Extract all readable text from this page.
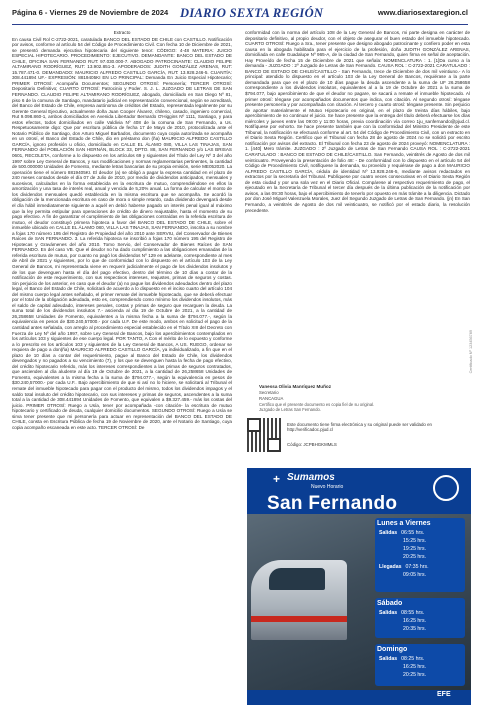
Página 6 - Viernes 29 de Noviembre de 2024 DIARIO SEXTA REGIÓN	www.diariosextaregion.cl
Extracto
En causa Civil Rol C-2722-2021, caratulada BANCO DEL ESTADO DE CHILE con CASTILLO. Notificación por avisos, conforme al artículo 54 del Código de Procedimiento Civil. Con fecha 10 de Diciembre de 2021, se presentó demanda ejecutiva hipotecaria del siguiente tenor: CÓDIGO: 4-48 MATERIA: JUICIO ESPECIAL HIPOTECARIO. PROCEDIMIENTO: EJECUTIVO. DEMANDANTE: BANCO DEL ESTADO DE CHILE, OFICINA SAN FERNANDO RUT: 97.030.000-7. ABOGADO PATROCINANTE: CLAUDIO FELIPE ALTAMIRANO RODRÍGUEZ, RUT: 13.902.851-3. APODERADOS: JUDITH GONZÁLEZ ARENAS, RUT: 15.787.471-0. DEMANDADO: MAURICIO ALFREDO CASTILLO GARCÍA, RUT: 13.928.246-5. CUANTÍA: 308.441894 UF.- EXPRESIÓN: 8819405KI EN LO PRINCIPAL: Demanda En Juicio Especial Hipotecario; PRIMER OTROSÍ: Acompaña Documentos; SEGUNDO OTROSÍ: Personería; TERCER OTROSÍ: Depositario Definitivo; CUARTO OTROSÍ: Patrocinio y Poder. S. J. L. JUZGADO DE LETRAS DE SAN FERNANDO. CLAUDIO FELIPE ALTAMIRANO RODRÍGUEZ, abogado, domiciliado en San Diego Nº 81, piso 6 de la comuna de Santiago, mandatario judicial en representación convencional, según se acreditará, del Banco del Estado de Chile, empresa autónoma de créditos del Estado, representada legalmente por su Gerente General Ejecutivo, actualmente doña Juan Cooper Álvarez, chileno, casado, ingeniero comercial, Rut 9.098.860-1, ambos domiciliados en Avenida Libertador Bernardo O'Higgins Nº 1111, Santiago, y para estos efectos, todos domiciliados en calle Valdivia Nº 408 de la comuna de San Fernando, a Us. Respetuosamente digo: Que por escritura pública de fecha 17 de Mayo de 2010, protocolizada ante el Notario Público de Santiago, don Arturo Miguel Barbados, documento cuya copia autorizada se acompaña en un otrosí, el Banco del Estado de Chile, dio en préstamo don (ña) MAURICIO ALFREDO CASTILLO GARCÍA, ignoro profesión u oficio, domiciliado en CALLE EL ÁLAMO 080, VILLA LAS TINAJAS, SAN FERNANDO del POBLACIÓN SAN HERNÁN, BLOCK 33, DPTO. 88, SAN FERNANDO y/o LAS BRISAS 0601, RECOLETA, conforme a lo dispuesto en los artículos 69 y siguientes del Título del Ley Nº 3 del año 1997 sobre Ley General de Bancos, y sus modificaciones y normas reglamentarias pertinentes, la cantidad de 500.000000 Unidades de Fomento, mediante letras bancarias de su propia emisión, serie ME052020. La operación tiene el número 8819405KI. El deudor (a) se obligó a pagar la expresa cantidad en el plazo de 240 meses contados desde el día 07 de Julio de 2010, por medio de dividendos anticipados, mensuales y sucesivos, calculados en la forma establecida en la escritura de mutuo, comprendiéndose en ellos la amortización y una tasa de interés real, anual y vencida de 5,20% anual. La forma de calcular el monto de los dividendos mensuales quedó establecida en la misma escritura que se acompaña. Se acordó la obligación de la mencionada escritura en caso de mora o simple retardo, cada dividendo devengará desde el día hábil inmediatamente siguiente a aquél en debió haberse pagado un interés penal igual al máximo que la ley permita estipular para operaciones de crédito de dinero reajustable, hasta el momento de su pago efectivo. A fin de garantizar el cumplimiento de las obligaciones contraídas en la referida escritura de mutuo, el deudor constituyó primera hipoteca a favor del BANCO DEL ESTADO DE CHILE, sobre el inmueble ubicado en CALLE EL ÁLAMO 080, VILLA LAS TINAJAS, SAN FERNANDO, inscrita a su nombre a fojas 170 número 195 del Registro de Propiedad del año 2010 ante SERVIU, del Conservador de Bienes Raíces de SAN FERNANDO. 3. La referida hipoteca se inscribió a fojas 170 número 195 del Registro de Hipotecas y Gravámenes del año 2010. Tomo Servio, del Conservador de Bienes Raíces de SAN FERNANDO. En del caso VB. Que el deudor no ha dado cumplimiento a las obligaciones emanadas de la referida escritura de mutuo, por cuanto no pagó los dividendos Nº 129 en adelante, correspondiente al mes de Abril de 2021 y siguientes, por lo que de conformidad con lo dispuesto en el artículo 103 de la Ley General de Bancos, mi representada viene en requerir judicialmente el pago de los dividendos insolutos y de los que devenguen hasta el día del pago efectivo, dentro del término de 10 días a contar de la notificación de este requerimiento, con sus respectivos intereses, reajustes, primas de seguros y costas. Sin perjuicio de los anterior, en caso que el deudor (a) no pague los dividendos adeudados dentro del plazo legal, el Banco del Estado de Chile, solicitará de acuerdo a lo dispuesto en el inciso cuarto del artículo 104 del mismo cuerpo legal antes señalado, el primer remate del inmueble hipotecado, que se deberá efectuar por el total de la obligación adeudada, esto es, comprendiendo como mínimo los dividendos insolutos, más el saldo de capital adeudado, intereses penales, costas y primas de seguro que recarguen la deuda. La suma total de los dividendos insolutos 7.- ascienda al día 19 de Octubre de 2021, a la cantidad de 26,258658 Unidades de Fomento, equivalentes a la misma fecha a la suma de $794.077.-, según la equivalencia en pesos de $30.240,57000.- por cada U.F. De este modo, ambos en solicitud el pago de la cantidad antes señalada, con arreglo al procedimiento especial establecido en el Título XIII del Decreto con Fuerza de Ley Nº del año 1997, sobre Ley General de Bancos, bajo los apercibimientos contemplados en los artículos 103 y siguientes de ese cuerpo legal. POR TANTO, A Con el mérito de lo expuesto y conforme a lo prescrito en los artículos 103 y siguientes de la Ley General de Bancos, A US. RUEGO, ordenar se requiera de pago a don(ña) MAURICIO ALFREDO CASTILLO GARCÍA, ya individualizado, a fin que en el plazo de 10 días a contar del requerimiento, pague al Banco del Estado de Chile, los dividendos devengados y no pagados a su vencimiento (7), y los que se devenguen hasta la fecha de pago efectivo, del crédito hipotecario referido, más los intereses correspondientes a las primas de seguros contratados, que ascienden al día aludente al día 19 de Octubre de 2021, a la cantidad de 26,258658 Unidades de Fomento, equivalentes a la misma fecha a la suma de $794.077.-, según la equivalencia en pesos de $30.240,57000.- por cada U.F.. Bajo apercibimiento de que si así no lo hiciere, se solicitará al Tribunal el remate del inmueble hipotecado para pagar con el producto del mismo, todos los dividendos impagos y el saldo total insoluto del crédito hipotecario, con sus intereses y primas de seguros, ascendentes a la suma total a la cantidad de 308.441894 Unidades de Fomento, que equivalen a $9.327.459.- más los costas del juicio. PRIMER OTROSÍ: Ruego a Usía, tener por acompañada -con citación- la escritura de mutuo hipotecario y certificado de deuda, cualquier domicilio documentos. SEGUNDO OTROSÍ: Ruego a Usía se sirva tener presente que mi personería para actuar en representación del BANCO DEL ESTADO DE CHILE, consta en Escritura Pública de fecha 19 de Noviembre de 2020, ante el Notario de Santiago, cuya copia acompaño escaneada en este acto. TERCER OTROSÍ: De
conformidad con la norma del artículo 108 de la Ley General de Bancos, mi parte designa en carácter de depositario definitivo, al propio deudor, con el objeto de asegurar el buen estado del inmueble hipotecado. CUARTO OTROSÍ: Ruego a Sra., tener presente que designo abogado patrocinante y confiero poder en esta causa en la abogada habilitada para el ejercicio de la profesión, doña JUDITH GONZÁLEZ ARENAS, domiciliada en calle Guadalupe Nº 965-A, de la ciudad de San Fernando, quien firma en señal de aceptación. Hay Proveído de fecha 15 de Diciembre de 2021 que señala: NOMENCLATURA : 1. [1]Da curso a la demanda - JUZGADO : 2º Juzgado de Letras de San Fernando. CAUSA ROL : C-2722-2021 CARATULADO : BANCO DE ESTADO DE CHILE/CASTILLO - San Fernando, trece de Diciembre de dos mil veintiuno.- A lo principal: atendido lo dispuesto en el artículo 103 de la Ley General de Bancos, requiérase a la parte demandada para que en el plazo de 10 días pague la deuda ascendente a la suma de UF 26.258658 correspondiente a los dividendos insolutos, equivalentes al a la 19 de Octubre de 2021 a la suma de $794.077, bajo apercibimiento de que el deudor no pagare, se sacará a remate el inmueble hipotecado. Al primer otrosí: téngase por acompañados documentos que indica, con citación. Al segundo otrosí: téngase presente personería y por acompañada con citación. Al tercero y cuarto otrosí: téngase presente. Sin perjuicio de aportar materialmente el Mutuo Hipotecario en original, en el plazo de treinta días hábiles, bajo apercibimiento de no continuar el juicio. Se hace presente que la entrega del título deberá efectuarse los días miércoles y jueves entre las 09:00 y 11:00 horas, previa coordinación vía correo 1ju_sanfernando@pjud.cl. Notifíquese por exhorto. Se hace presente también que con la conformidad del Ministro Presidente de este Tribunal, la notificación se efectuará conforme al art. 54 del Código de Procedimiento Civil, con un extracto en el Diario Sexta Región. Certifico que el Tribunal con fecha 28 de agosto de 2024 no se solicitó por escrito notificación por avisos del extracto. El Tribunal con fecha 23 de agosto de 2024 proveyó: NOMENCLATURA : 1. [440] Mero trámite. JUZGADO : 2º Juzgado de Letras de San Fernando CAUSA ROL : C-2722-2021 CARATULADO : BANCO DE ESTADO DE CHILE/CASTILLO. San Fernando, veintitrés de Agosto de dos mil veinticuatro. Proveyendo la presentación de folio 48: - De conformidad con lo dispuesto en el artículo 54 del Código de Procedimiento Civil, notifíquese la demanda, su proveído y requiérase de pago a don MAURICIO ALFREDO CASTILLO GARCÍA, cédula de identidad Nº 13.928.246-5, mediante avisos redactados en extractos por la secretaría del Tribunal. Publíquese por cuatro veces consecutivas en el Diario Sexta Región de esta ciudad y por una sola vez en el Diario Oficial. Compárese al respectivo requerimiento de pago, el ejecutado en la Secretaría de Tribunal el tercer día después de la última publicación de la notificación por avisos, a las 09:30 horas, bajo el apercibimiento de tenerlo por opuesto en más trámite a la diligencia. Dictado por don José Miguel Valenzuela Morales, Juez del Segundo Juzgado de Letras de San Fernando. (jn) En San Fernando, a veintitrés de Agosto de dos mil veinticuatro, se notificó por el estado diario, la resolución precedente.
Vanessa Olivia Manríquez Muñoz
Secretario
RANCAGUA
Certifico que el presente documento es copia fiel de su original. Juzgado de Letras San Fernando.
Este documento tiene firma electrónica y su original puede ser validado en http://verificadoc.pjud.cl
Código: JCPBHGKMMLS
+ Sumamos
Nuevo Horario
San Fernando
Lunes a Viernes
Salidas 06:55 hrs.
15:25 hrs.
19:25 hrs.
20:25 hrs.
Llegadas 07:35 hrs.
09:05 hrs.
Sábado
Salidas 08:55 hrs.
16:25 hrs.
20:35 hrs.
Domingo
Salidas 08:25 hrs.
16:25 hrs.
20:25 hrs.
EFE
Certificado Nº 123456789
